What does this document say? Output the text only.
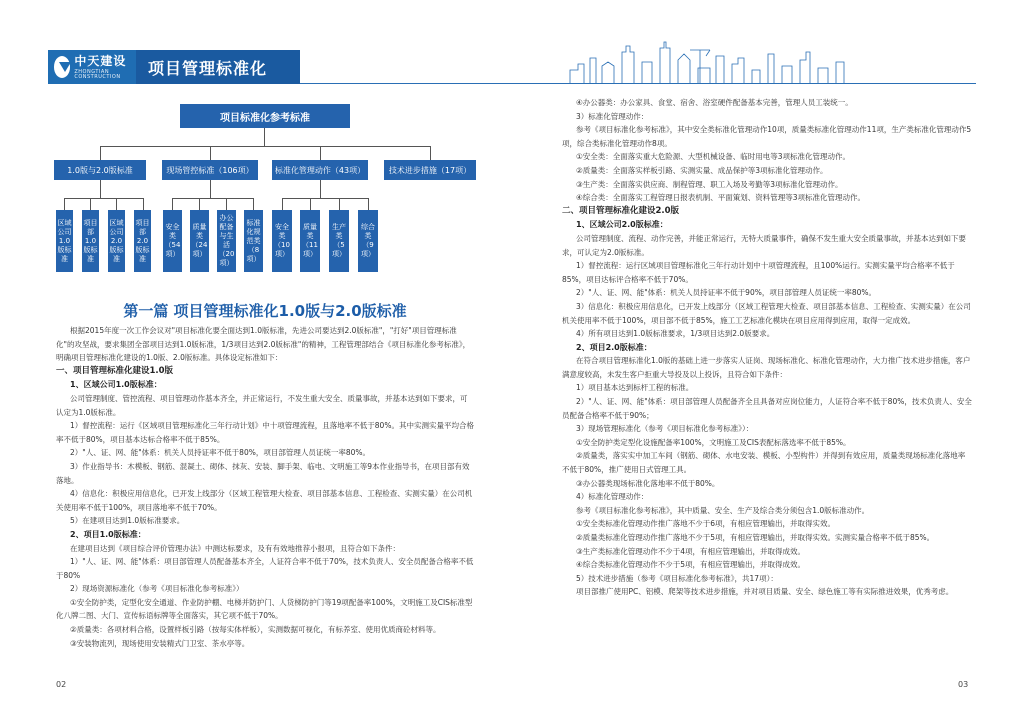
中天建设
ZHONGTIAN CONSTRUCTION	项目管理标准化
项目标准化参考标准
1.0版与2.0版标准	现场管控标准（106项）	标准化管理动作（43项）	技术进步措施（17项）
区域公司1.0版标准
项目部1.0版标准
区域公司2.0版标准
项目部2.0版标准
安全类（54项）
质量类（24项）
办公配备与生活（20项）
标准化规范类（8项）
安全类（10项）
质量类（11项）
生产类（5项）
综合类（9项）
第一篇 项目管理标准化1.0版与2.0版标准

根据2015年度一次工作会议对"项目标准化要全面达到1.0版标准，先进公司要达到2.0版标准"，"打好"项目管理标准化"的攻坚战，要求集团全部项目达到1.0版标准，1/3项目达到2.0版标准"的精神，工程管理部结合《项目标准化参考标准》，明确项目管理标准化建设的1.0版、2.0版标准。具体设定标准如下：

一、项目管理标准化建设1.0版

1、区域公司1.0版标准：

公司管理制度、管控流程、项目管理动作基本齐全，并正常运行，不发生重大安全、质量事故，并基本达到如下要求，可认定为1.0版标准。

1）督控流程：运行《区域项目管理标准化三年行动计划》中十项管理流程，且落地率不低于80%。其中实测实量平均合格率不低于80%，项目基本达标合格率不低于85%。

2）"人、证、网、能"体系：机关人员持证率不低于80%，项目部管理人员证统一率80%。

3）作业指导书：木模板、钢筋、混凝土、砌体、抹灰、安装、脚手架、临电、文明施工等9本作业指导书，在项目部有效落地。

4）信息化：积极应用信息化，已开发上线部分（区域工程管理大检查、项目部基本信息、工程检查、实测实量）在公司机关使用率不低于100%，项目落地率不低于70%。

5）在建项目达到1.0版标准要求。

2、项目1.0版标准：

在建项目达到《项目综合评价管理办法》中测达标要求，及有有效地推荐小报项，且符合如下条件：

1）"人、证、网、能"体系：项目部管理人员配备基本齐全，人证符合率不低于70%，技术负责人、安全员配备合格率不低于80%

2）现场资源标准化（参考《项目标准化参考标准》）

①安全防护类，定型化安全通道、作业防护棚、电梯并防护门、人货梯防护门等19项配备率100%，文明施工及CIS标准型化八牌二图、大门、宣传标语标牌等全面落实，其它项不低于70%。

②质量类：各项材料合格，设置样板引路（按每实体样板），实测数据可视化，有标养室、使用优质商砼材料等。

③安装物流列，现场使用安装精式门卫室、茶水亭等。

④办公器类：办公家具、食堂、宿舍、浴室硬件配备基本完善，管理人员工装统一。

3）标准化管理动作：

参考《项目标准化参考标准》，其中安全类标准化管理动作10项，质量类标准化管理动作11项，生产类标准化管理动作5项，综合类标准化管理动作8项。

①安全类：全面落实重大危险源、大型机械设备、临时用电等3项标准化管理动作。

②质量类：全面落实样板引路、实测实量、成品保护等3项标准化管理动作。

③生产类：全面落实供应商、制程管理、职工入场及考勤等3项标准化管理动作。

④综合类：全面落实工程管理日报表机制、平面策划、资料管理等3项标准化管理动作。

二、项目管理标准化建设2.0版

1、区域公司2.0版标准：

公司管理制度、流程、动作完善，并能正常运行，无特大质量事件，确保不发生重大安全质量事故，并基本达到如下要求，可认定为2.0版标准。

1）督控流程：运行区域项目管理标准化三年行动计划中十项管理流程，且100%运行。实测实量平均合格率不低于85%，项目达标评合格率不低于70%。

2）"人、证、网、能"体系：机关人员持证率不低于90%，项目部管理人员证统一率80%。

3）信息化：积极应用信息化，已开发上线部分（区域工程管理大检查、项目部基本信息、工程检查、实测实量）在公司机关使用率不低于100%，项目部不低于85%，施工工艺标准化模块在项目应用得到应用，取得一定成效。

4）所有项目达到1.0版标准要求，1/3项目达到2.0版要求。

2、项目2.0版标准：

在符合项目管理标准化1.0版的基础上进一步落实人证岗、现场标准化、标准化管理动作，大力推广技术进步措施，客户满意度较高，未发生客户拒重大导投及以上投诉，且符合如下条件：

1）项目基本达到标杆工程的标准。

2）"人、证、网、能"体系：项目部管理人员配备齐全且具备对应岗位能力，人证符合率不低于80%，技术负责人、安全员配备合格率不低于90%；

3）现场管理标准化（参考《项目标准化参考标准》）：

①安全防护类定型化设施配备率100%，文明施工及CIS表配标落选率不低于85%。

②质量类，落实实中加工车间（钢筋、砌体、水电安装、模板、小型构件）并得到有效应用，质量类现场标准化落地率不低于80%，推广使用日式管理工具。

③办公器类现场标准化落地率不低于80%。

4）标准化管理动作：

参考《项目标准化参考标准》，其中质量、安全、生产及综合类分须包含1.0版标准动作。

①安全类标准化管理动作推广落地不少于6项，有相应管理输出，并取得实效。

②质量类标准化管理动作推广落地不少于5项，有相应管理输出，并取得实效。实测实量合格率不低于85%。

③生产类标准化管理动作不少于4项，有相应管理输出，并取得成效。

④综合类标准化管理动作不少于5项，有相应管理输出，并取得成效。

5）技术进步措施（参考《项目标准化参考标准》，共17项）：

项目部推广使用PC、铝模、爬架等技术进步措施，并对项目质量、安全、绿色施工等有实际推进效果，优秀考虑。

02	03
